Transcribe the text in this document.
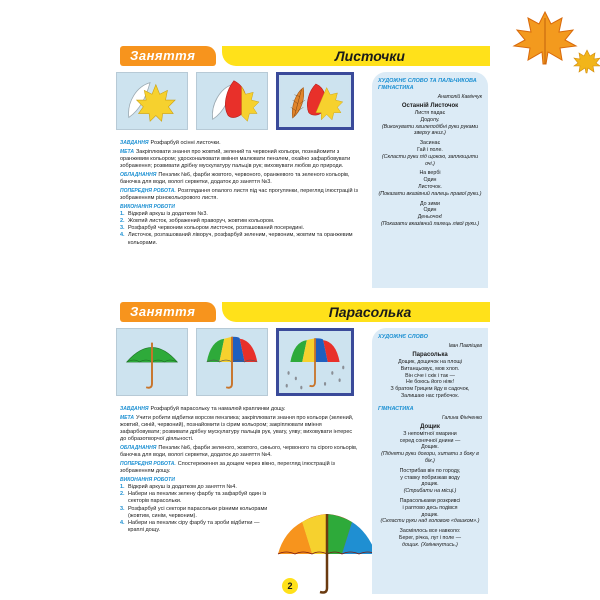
Заняття	Листочки
ЗАВДАННЯ Розфарбуй осінні листочки.
МЕТА Закріплювати знання про жовтий, зелений та червоний кольори, познайомити з оранжевим кольором; удосконалювати вміння малювати пензлем, охайно зафарбовувати зображення; розвивати дрібну мускулатуру пальців рук; виховувати любов до природи.
ОБЛАДНАННЯ Пензлик №6, фарби жовтого, червоного, оранжевого та зеленого кольорів, баночка для води, вологі серветки, додаток до заняття №3.
ПОПЕРЕДНЯ РОБОТА. Розглядання опалого листя під час прогулянки, перегляд ілюстрацій із зображенням різнокольорового листя.
ВИКОНАННЯ РОБОТИ
1. Відкрий аркуш із додатком №3.
2. Жовтий листок, зображений праворуч, жовтим кольором.
3. Розфарбуй червоним кольором листочок, розташований посередині.
4. Листочок, розташований ліворуч, розфарбуй зеленим, червоним, жовтим та оранжевим кольорами.
ХУДОЖНЄ СЛОВО ТА ПАЛЬЧИКОВА ГІМНАСТИКА
Анатолій Камінчук
Останній Листочок
Листя падає
Додолу.
(Виконувати хвилеподібні руки руками зверху вниз.)
Засинає
Гай і поле.
(Скласти руки під щокою, заплющити очі.)
На вербі
Один
Листочок.
(Показати вказівний палець правої руки.)
До зими
Один
Деньочок!
(Показати вказівний палець лівої руки.)
Заняття	Парасолька
ЗАВДАННЯ Розфарбуй парасольку та намалюй краплинки дощу.
МЕТА Учити робити відбитки ворсом пензлика; закріплювати знання про кольори (зелений, жовтий, синій, червоний), познайомити із сірим кольором; закріплювати вміння зафарбовувати; розвивати дрібну мускулатуру пальців рук, увагу, уяву; виховувати інтерес до образотворчої діяльності.
ОБЛАДНАННЯ Пензлик №6, фарби зеленого, жовтого, синього, червоного та сірого кольорів, баночка для води, вологі серветки, додаток до заняття №4.
ПОПЕРЕДНЯ РОБОТА. Спостереження за дощем через вікно, перегляд ілюстрацій із зображенням дощу.
ВИКОНАННЯ РОБОТИ
1. Відкрий аркуш із додатком до заняття №4.
2. Набери на пензлик зелену фарбу та зафарбуй один із секторів парасольки.
3. Розфарбуй усі сектори парасольки різними кольорами (жовтим, синім, червоним).
4. Набери на пензлик сіру фарбу та зроби відбитки — краплі дощу.
ХУДОЖНЄ СЛОВО
Іван Павліщев
Парасолька
Дощик, дощичок на площі
Витанцьовує, мов хлоп.
Він січе і скік і так —
Не боюсь його ніяк!
З братом Грицем йду в садочок,
Залишаю нас грибочок.
ГІМНАСТИКА
Галина Фініченко
Дощик
З непомітної хмарини
серед сонячної днини —
Дощик.
(Підняти руки догори, хитати з боку в бік.)
Пострибав він по городу,
у ставку побризкав воду
дощик.
(Стрибати на місці.)
Парасольками розкривсі
і раптово десь подівся
дощик.
(Скласти руки над головою «дашком».)
Засміялось все навколо:
Берег, річка, луг і поле —
дощик. (Хмінкнутись.)
2
